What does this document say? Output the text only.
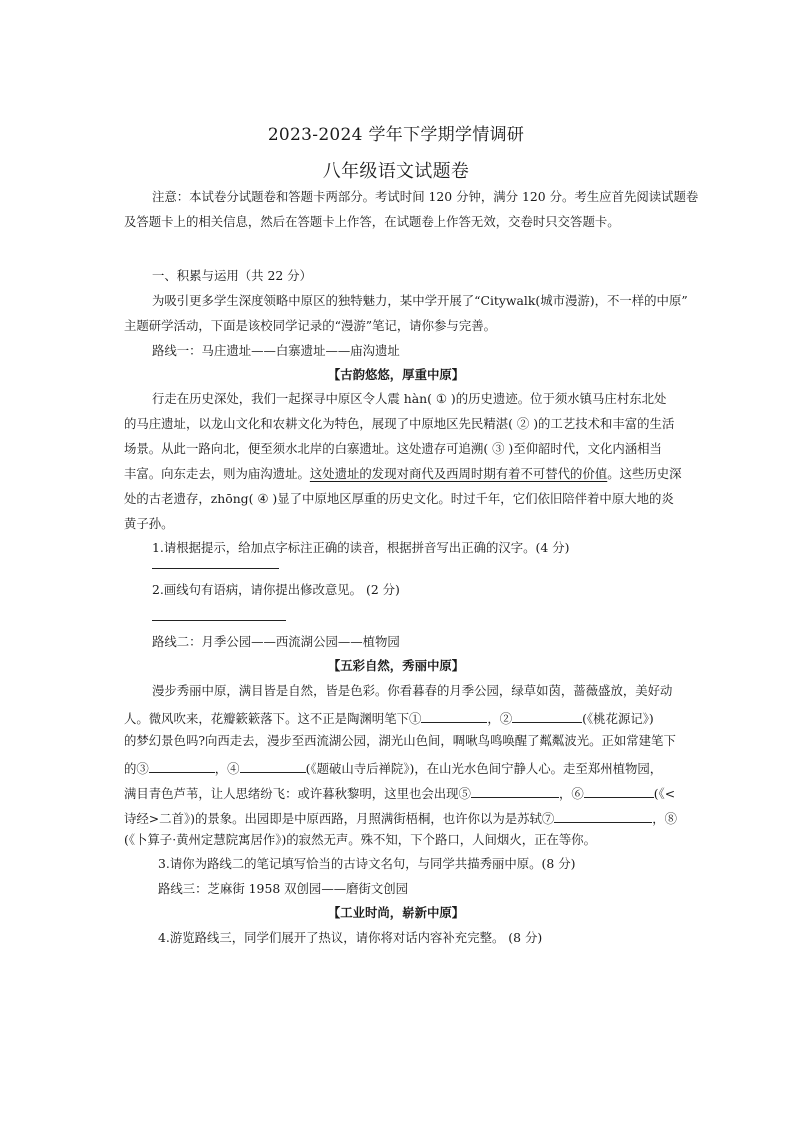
2023-2024 学年下学期学情调研
八年级语文试题卷
注意：本试卷分试题卷和答题卡两部分。考试时间 120 分钟，满分 120 分。考生应首先阅读试题卷
及答题卡上的相关信息，然后在答题卡上作答，在试题卷上作答无效，交卷时只交答题卡。
一、积累与运用（共 22 分）
为吸引更多学生深度领略中原区的独特魅力，某中学开展了“Citywalk(城市漫游)，不一样的中原”
主题研学活动，下面是该校同学记录的“漫游”笔记，请你参与完善。
路线一：马庄遗址——白寨遗址——庙沟遗址
【古韵悠悠，厚重中原】
行走在历史深处，我们一起探寻中原区令人震 hàn( ① )的历史遗迹。位于须水镇马庄村东北处
的马庄遗址，以龙山文化和农耕文化为特色，展现了中原地区先民精湛( ② )的工艺技术和丰富的生活
场景。从此一路向北，便至须水北岸的白寨遗址。这处遗存可追溯( ③ )至仰韶时代，文化内涵相当
丰富。向东走去，则为庙沟遗址。这处遗址的发现对商代及西周时期有着不可替代的价值。这些历史深
处的古老遗存，zhōng( ④ )显了中原地区厚重的历史文化。时过千年，它们依旧陪伴着中原大地的炎
黄子孙。
1.请根据提示，给加点字标注正确的读音，根据拼音写出正确的汉字。(4 分)
2.画线句有语病，请你提出修改意见。 (2 分)
路线二：月季公园——西流湖公园——植物园
【五彩自然，秀丽中原】
漫步秀丽中原，满目皆是自然，皆是色彩。你看暮春的月季公园，绿草如茵，蔷薇盛放，美好动
人。微风吹来，花瓣簌簌落下。这不正是陶渊明笔下①	，②	(《桃花源记》)
的梦幻景色吗?向西走去，漫步至西流湖公园，湖光山色间，啁啾鸟鸣唤醒了粼粼波光。正如常建笔下
的③	，④	(《题破山寺后禅院》)，在山光水色间宁静人心。走至郑州植物园，
满目青色芦苇，让人思绪纷飞：或许暮秋黎明，这里也会出现⑤	，⑥	(《<
诗经>二首》)的景象。出园即是中原西路，月照满街梧桐，也许你以为是苏轼⑦	，⑧
(《卜算子·黄州定慧院寓居作》)的寂然无声。殊不知，下个路口，人间烟火，正在等你。
3.请你为路线二的笔记填写恰当的古诗文名句，与同学共描秀丽中原。(8 分)
路线三：芝麻街 1958 双创园——磨街文创园
【工业时尚，崭新中原】
4.游览路线三，同学们展开了热议，请你将对话内容补充完整。 (8 分)
